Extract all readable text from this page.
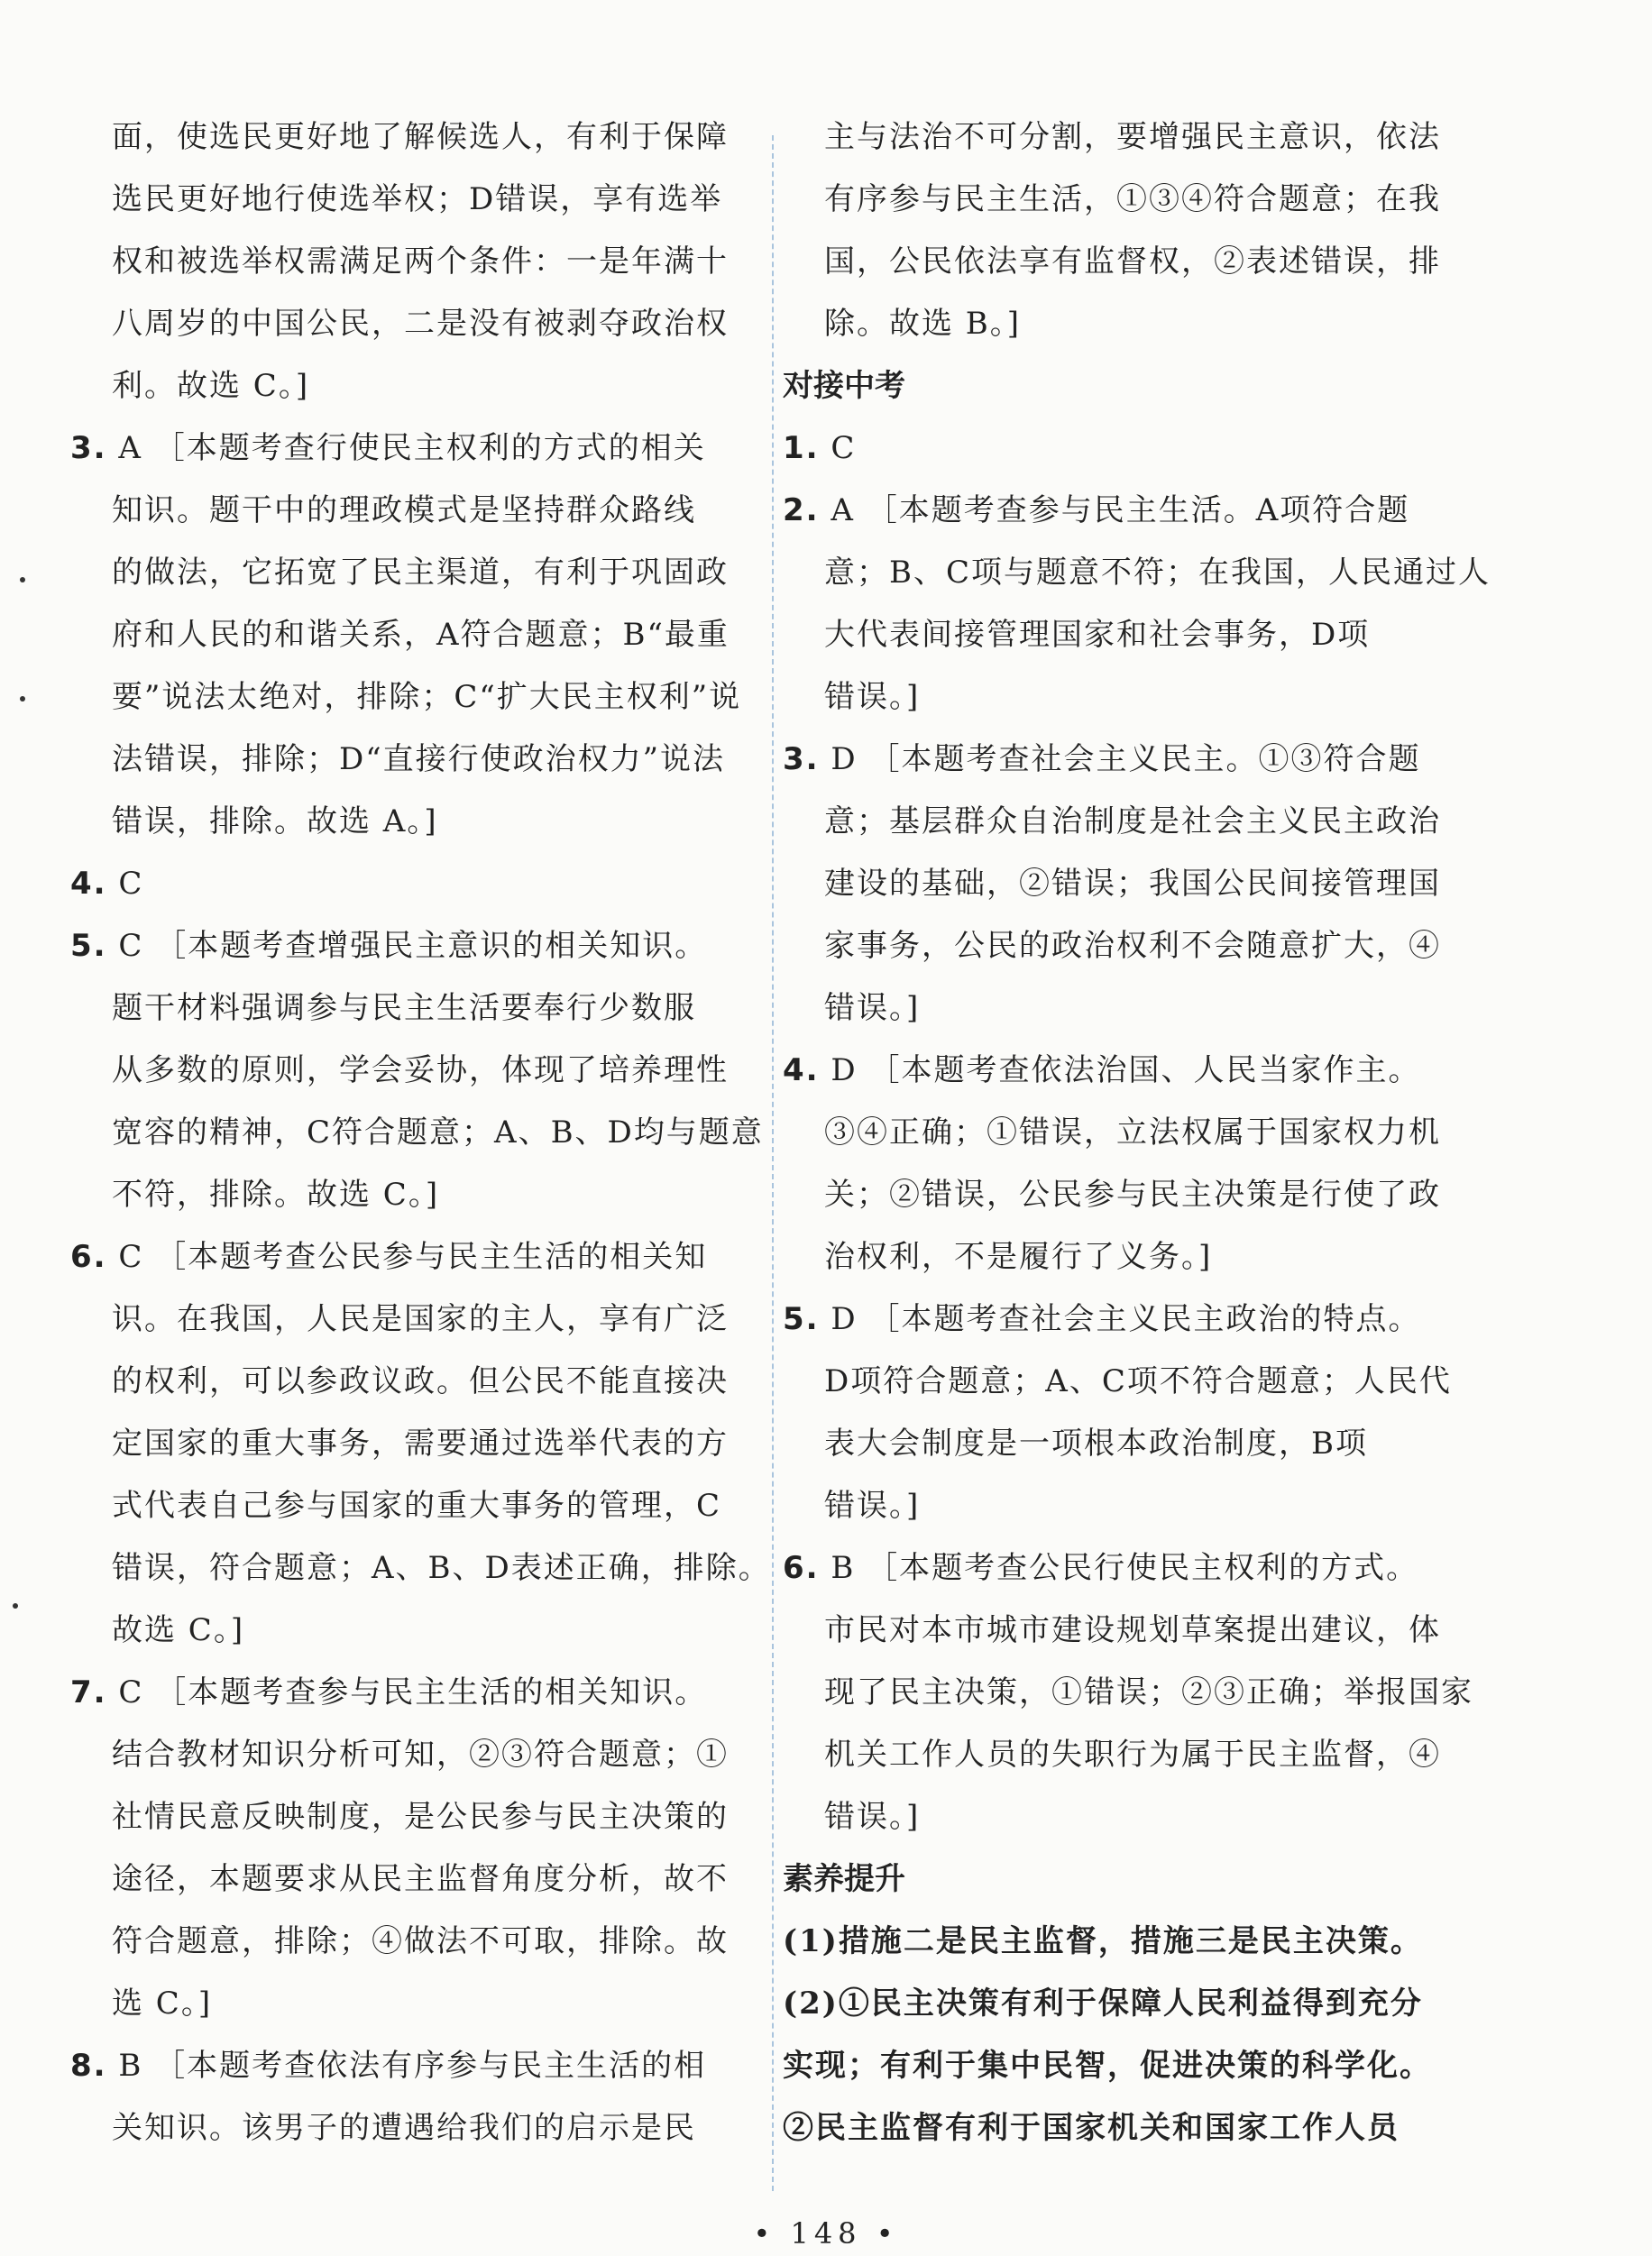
面，使选民更好地了解候选人，有利于保障
选民更好地行使选举权；D错误，享有选举
权和被选举权需满足两个条件：一是年满十
八周岁的中国公民，二是没有被剥夺政治权
利。故选 C。]
3. A ［本题考查行使民主权利的方式的相关
知识。题干中的理政模式是坚持群众路线
的做法，它拓宽了民主渠道，有利于巩固政
府和人民的和谐关系，A符合题意；B“最重
要”说法太绝对，排除；C“扩大民主权利”说
法错误，排除；D“直接行使政治权力”说法
错误，排除。故选 A。]
4. C
5. C ［本题考查增强民主意识的相关知识。
题干材料强调参与民主生活要奉行少数服
从多数的原则，学会妥协，体现了培养理性
宽容的精神，C符合题意；A、B、D均与题意
不符，排除。故选 C。]
6. C ［本题考查公民参与民主生活的相关知
识。在我国，人民是国家的主人，享有广泛
的权利，可以参政议政。但公民不能直接决
定国家的重大事务，需要通过选举代表的方
式代表自己参与国家的重大事务的管理，C
错误，符合题意；A、B、D表述正确，排除。
故选 C。]
7. C ［本题考查参与民主生活的相关知识。
结合教材知识分析可知，②③符合题意；①
社情民意反映制度，是公民参与民主决策的
途径，本题要求从民主监督角度分析，故不
符合题意，排除；④做法不可取，排除。故
选 C。]
8. B ［本题考查依法有序参与民主生活的相
关知识。该男子的遭遇给我们的启示是民
主与法治不可分割，要增强民主意识，依法
有序参与民主生活，①③④符合题意；在我
国，公民依法享有监督权，②表述错误，排
除。故选 B。]
对接中考
1. C
2. A ［本题考查参与民主生活。A项符合题
意；B、C项与题意不符；在我国，人民通过人
大代表间接管理国家和社会事务，D项
错误。]
3. D ［本题考查社会主义民主。①③符合题
意；基层群众自治制度是社会主义民主政治
建设的基础，②错误；我国公民间接管理国
家事务，公民的政治权利不会随意扩大，④
错误。]
4. D ［本题考查依法治国、人民当家作主。
③④正确；①错误，立法权属于国家权力机
关；②错误，公民参与民主决策是行使了政
治权利，不是履行了义务。]
5. D ［本题考查社会主义民主政治的特点。
D项符合题意；A、C项不符合题意；人民代
表大会制度是一项根本政治制度，B项
错误。]
6. B ［本题考查公民行使民主权利的方式。
市民对本市城市建设规划草案提出建议，体
现了民主决策，①错误；②③正确；举报国家
机关工作人员的失职行为属于民主监督，④
错误。]
素养提升
(1)措施二是民主监督，措施三是民主决策。
(2)①民主决策有利于保障人民利益得到充分
实现；有利于集中民智，促进决策的科学化。
②民主监督有利于国家机关和国家工作人员
• 148 •
